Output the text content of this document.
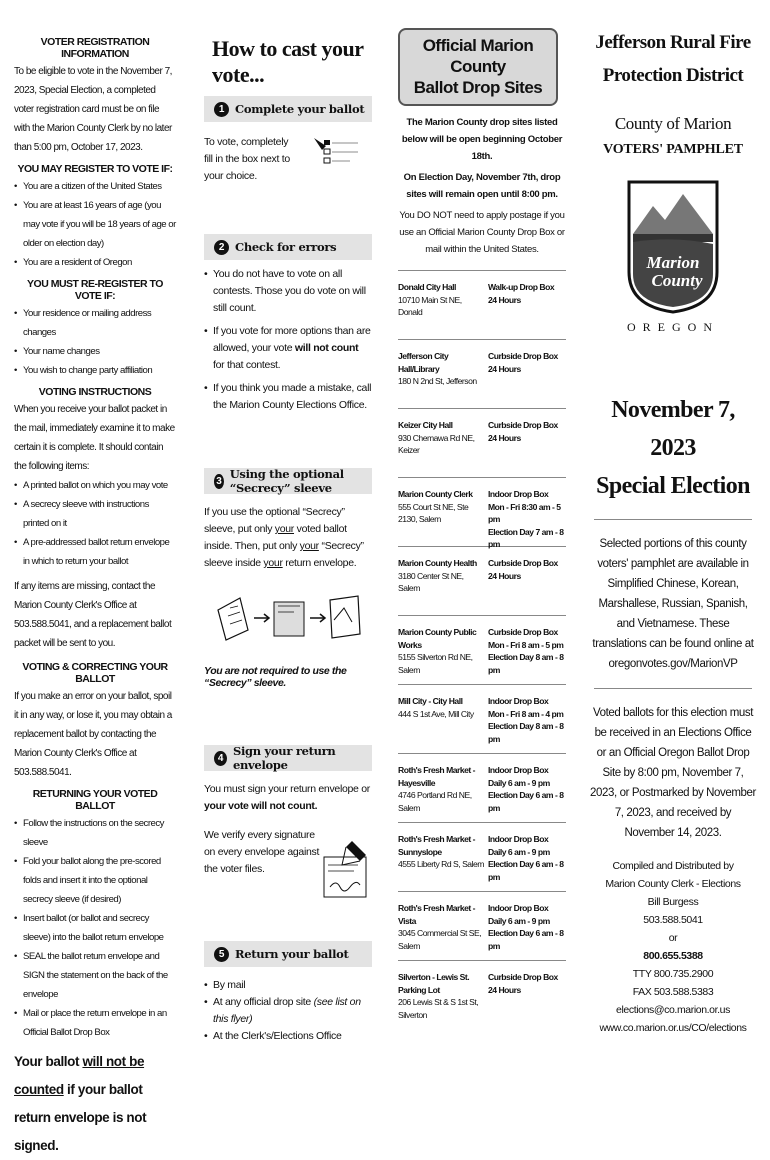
VOTER REGISTRATION INFORMATION
To be eligible to vote in the November 7, 2023, Special Election, a completed voter registration card must be on file with the Marion County Clerk by no later than 5:00 pm, October 17, 2023.
YOU MAY REGISTER TO VOTE IF:
• You are a citizen of the United States
• You are at least 16 years of age (you may vote if you will be 18 years of age or older on election day)
• You are a resident of Oregon
YOU MUST RE-REGISTER TO VOTE IF:
• Your residence or mailing address changes
• Your name changes
• You wish to change party affiliation
VOTING INSTRUCTIONS
When you receive your ballot packet in the mail, immediately examine it to make certain it is complete. It should contain the following items:
• A printed ballot on which you may vote
• A secrecy sleeve with instructions printed on it
• A pre-addressed ballot return envelope in which to return your ballot
If any items are missing, contact the Marion County Clerk's Office at 503.588.5041, and a replacement ballot packet will be sent to you.
VOTING & CORRECTING YOUR BALLOT
If you make an error on your ballot, spoil it in any way, or lose it, you may obtain a replacement ballot by contacting the Marion County Clerk's Office at 503.588.5041.
RETURNING YOUR VOTED BALLOT
• Follow the instructions on the secrecy sleeve
• Fold your ballot along the pre-scored folds and insert it into the optional secrecy sleeve (if desired)
• Insert ballot (or ballot and secrecy sleeve) into the ballot return envelope
• SEAL the ballot return envelope and SIGN the statement on the back of the envelope
• Mail or place the return envelope in an Official Ballot Drop Box
Your ballot will not be counted if your ballot return envelope is not signed.
How to cast your vote...
1 Complete your ballot
To vote, completely fill in the box next to your choice.
2 Check for errors
• You do not have to vote on all contests. Those you do vote on will still count.
• If you vote for more options than are allowed, your vote will not count for that contest.
• If you think you made a mistake, call the Marion County Elections Office.
3 Using the optional “Secrecy” sleeve
If you use the optional “Secrecy” sleeve, put only your voted ballot inside. Then, put only your “Secrecy” sleeve inside your return envelope.
You are not required to use the “Secrecy” sleeve.
4 Sign your return envelope
You must sign your return envelope or your vote will not count.
We verify every signature on every envelope against the voter files.
5 Return your ballot
• By mail
• At any official drop site (see list on this flyer)
• At the Clerk's/Elections Office
Official Marion County
Ballot Drop Sites
The Marion County drop sites listed below will be open beginning October 18th.
On Election Day, November 7th, drop sites will remain open until 8:00 pm.
You DO NOT need to apply postage if you use an Official Marion County Drop Box or mail within the United States.
Donald City Hall
10710 Main St NE, Donald
Walk-up Drop Box
24 Hours
Jefferson City Hall/Library
180 N 2nd St, Jefferson
Curbside Drop Box
24 Hours
Keizer City Hall
930 Chemawa Rd NE, Keizer
Curbside Drop Box
24 Hours
Marion County Clerk
555 Court St NE, Ste 2130, Salem
Indoor Drop Box
Mon - Fri 8:30 am - 5 pm
Election Day 7 am - 8 pm
Marion County Health
3180 Center St NE, Salem
Curbside Drop Box
24 Hours
Marion County Public Works
5155 Silverton Rd NE, Salem
Curbside Drop Box
Mon - Fri 8 am - 5 pm
Election Day 8 am - 8 pm
Mill City - City Hall
444 S 1st Ave, Mill City
Indoor Drop Box
Mon - Fri 8 am - 4 pm
Election Day 8 am - 8 pm
Roth's Fresh Market - Hayesville
4746 Portland Rd NE, Salem
Indoor Drop Box
Daily 6 am - 9 pm
Election Day 6 am - 8 pm
Roth's Fresh Market - Sunnyslope
4555 Liberty Rd S, Salem
Indoor Drop Box
Daily 6 am - 9 pm
Election Day 6 am - 8 pm
Roth's Fresh Market - Vista
3045 Commercial St SE, Salem
Indoor Drop Box
Daily 6 am - 9 pm
Election Day 6 am - 8 pm
Silverton - Lewis St. Parking Lot
206 Lewis St & S 1st St, Silverton
Curbside Drop Box
24 Hours
Jefferson Rural Fire
Protection District
County of Marion
VOTERS' PAMPHLET
Marion
County
OREGON
November 7, 2023
Special Election
Selected portions of this county voters' pamphlet are available in Simplified Chinese, Korean, Marshallese, Russian, Spanish, and Vietnamese. These translations can be found online at oregonvotes.gov/MarionVP
Voted ballots for this election must be received in an Elections Office or an Official Oregon Ballot Drop Site by 8:00 pm, November 7, 2023, or Postmarked by November 7, 2023, and received by November 14, 2023.
Compiled and Distributed by
Marion County Clerk - Elections
Bill Burgess
503.588.5041
or
800.655.5388
TTY 800.735.2900
FAX 503.588.5383
elections@co.marion.or.us
www.co.marion.or.us/CO/elections
